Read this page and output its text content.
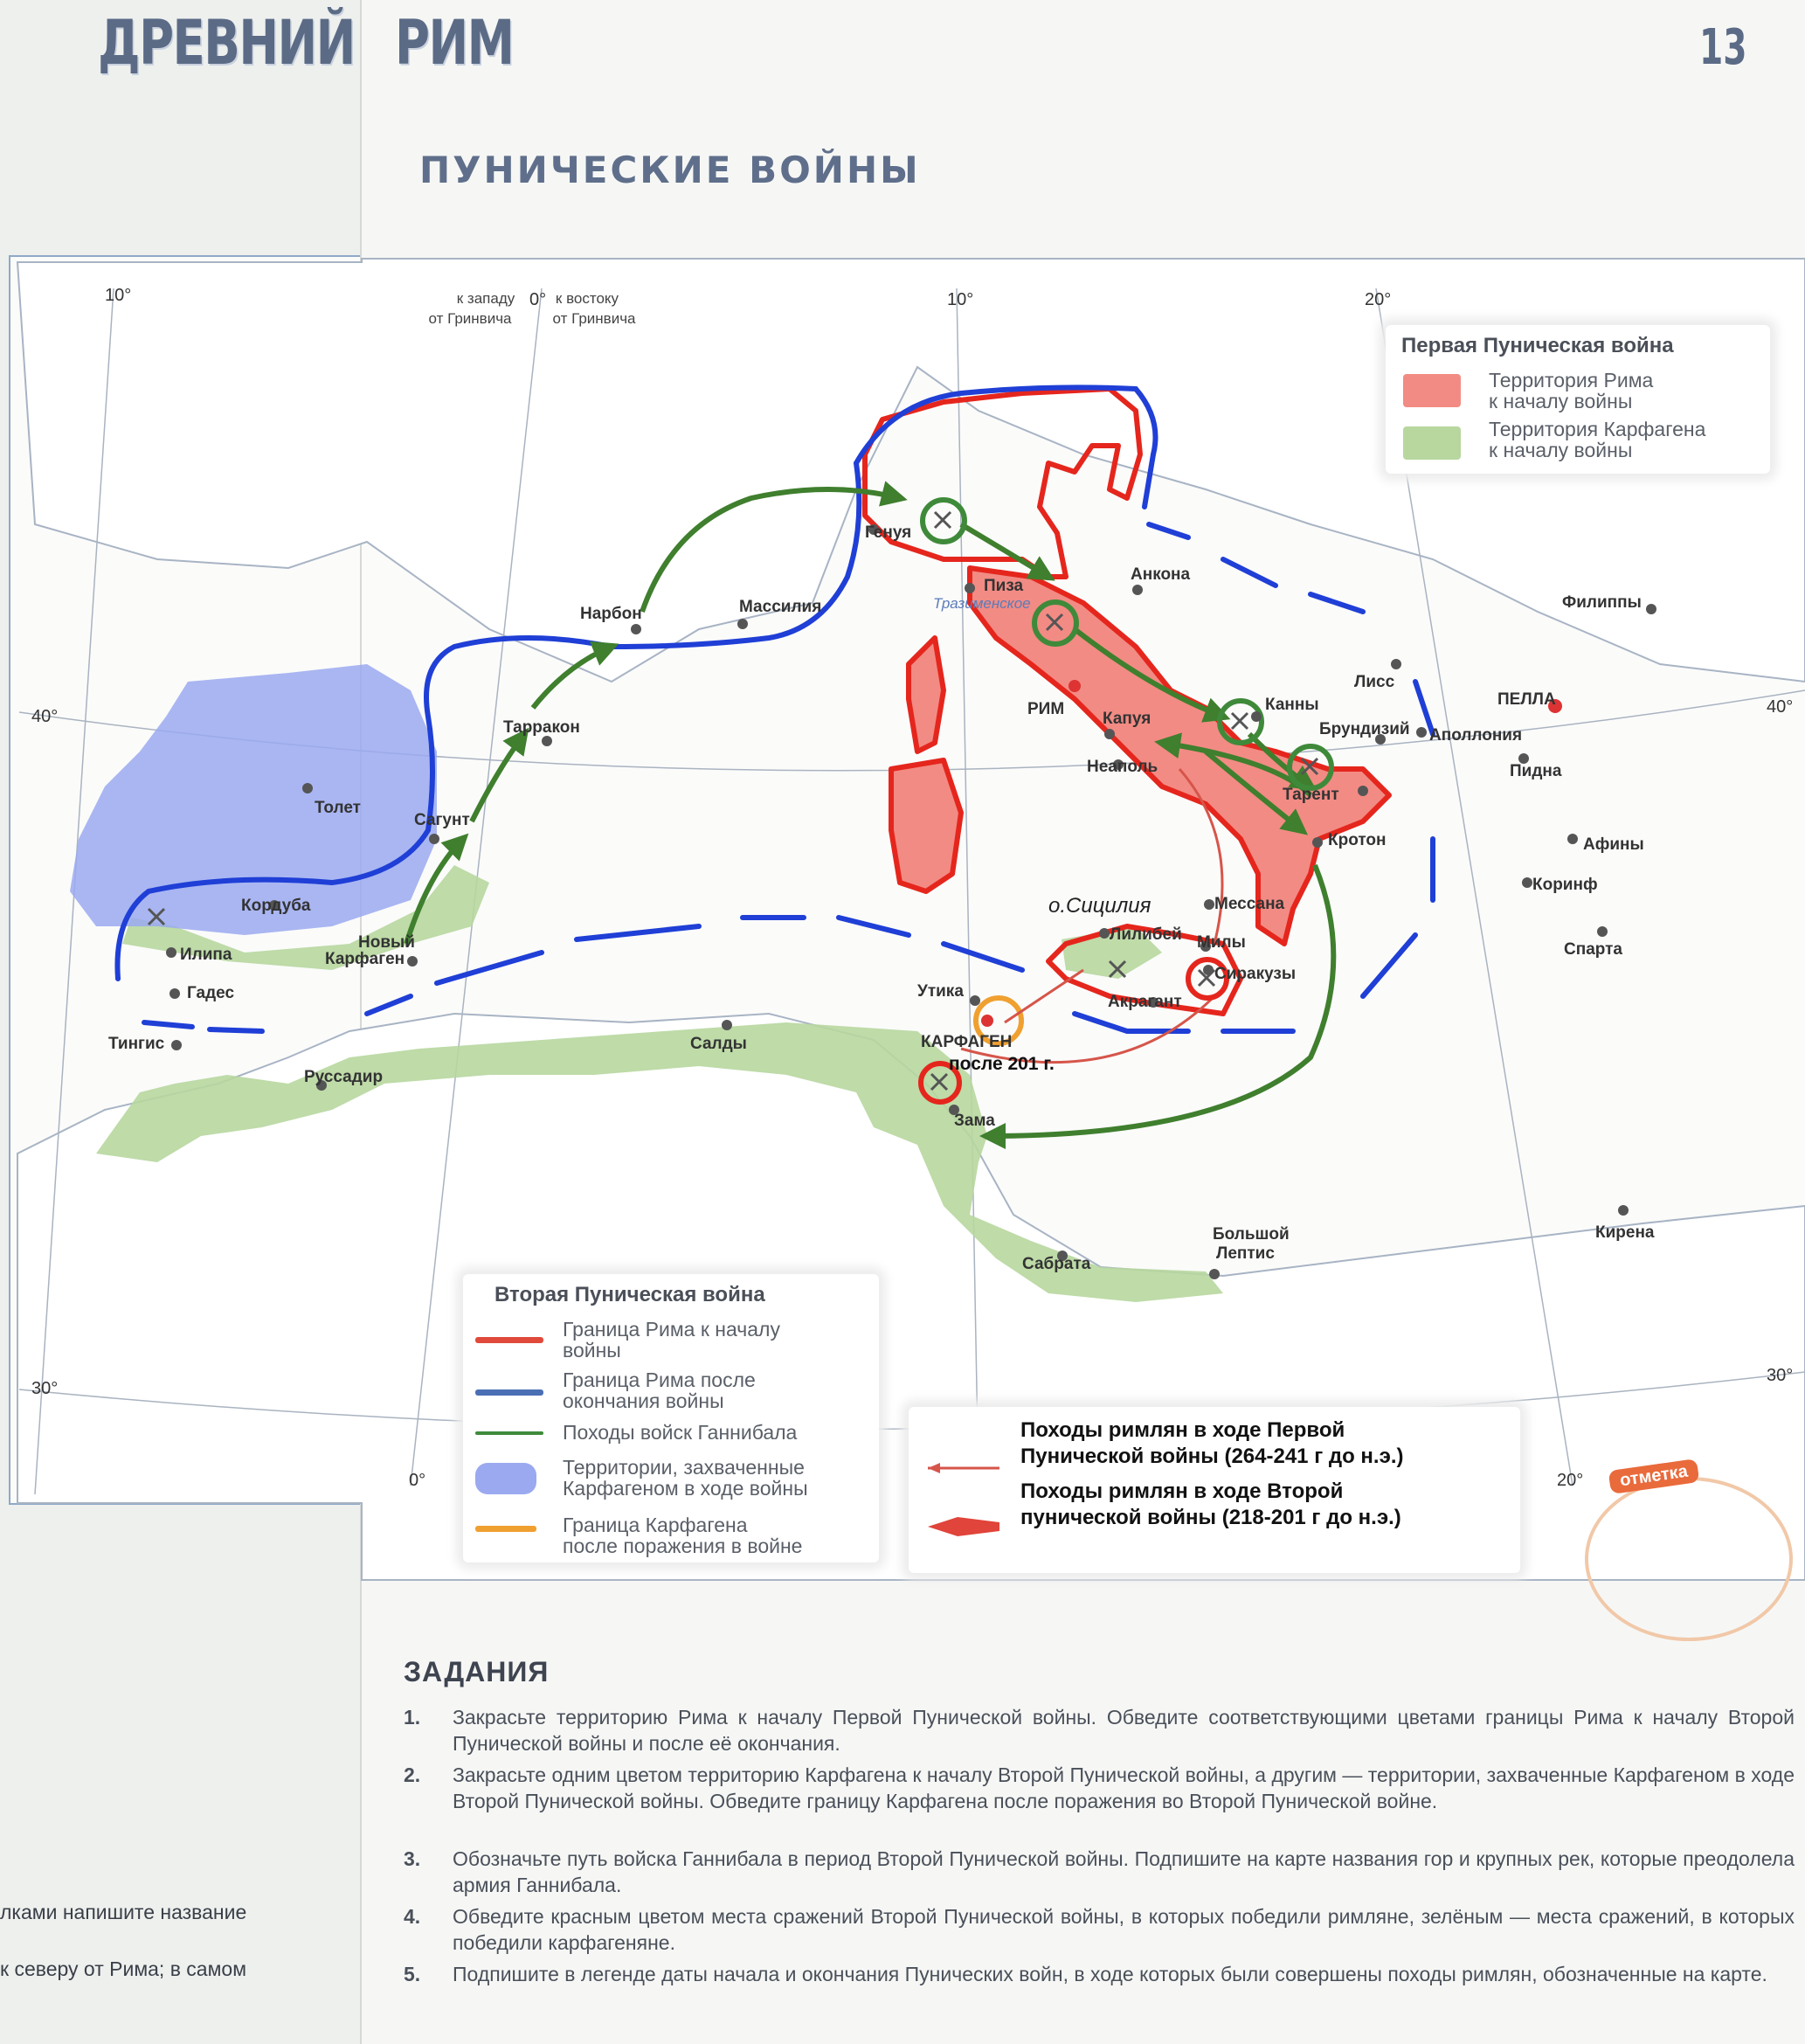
лками напишите название
к северу от Рима; в самом
ДРЕВНИЙ РИМ	13
ПУНИЧЕСКИЕ ВОЙНЫ
10°
40°
30°
0°	10°	20°
40°
30°
20°
0°
к западу
от Гринвича
к востоку
от Гринвича
Толет
Кордуба
Илипа
Гадес
Тингис
Руссадир
Сагунт
Новый
Карфаген
Тарракон
Нарбон	Массилия
Генуя
Пиза
Анкона
РИМ
Капуя
Неаполь
Канны
Брундизий
Тарент
Кротон
Лисс
Аполлония
ПЕЛЛА
Пидна
Филиппы
Афины
Коринф
Спарта
Мессана
Лилибей Милы
Сиракузы
Акрагант
Утика
КАРФАГЕН
Зама
Салды
Сабрата
Большой
Лептис
Кирена
Тразименское
о.Сицилия
после 201 г.
Первая Пуническая война
Территория Рима
к началу войны
Территория Карфагена
к началу войны
Вторая Пуническая война
Граница Рима к началу
войны
Граница Рима после
окончания войны
Походы войск Ганнибала
Территории, захваченные
Карфагеном в ходе войны
Граница Карфагена
после поражения в войне
Походы римлян в ходе Первой
Пунической войны (264-241 г до н.э.)
Походы римлян в ходе Второй
пунической войны (218-201 г до н.э.)
отметка
ЗАДАНИЯ
1.	Закрасьте территорию Рима к началу Первой Пунической войны. Обведите соответствующими цветами границы Рима к началу Второй Пунической войны и после её окончания.
2.	Закрасьте одним цветом территорию Карфагена к началу Второй Пунической войны, а другим — территории, захваченные Карфагеном в ходе Второй Пунической войны. Обведите границу Карфагена после поражения во Второй Пунической войне.
3.	Обозначьте путь войска Ганнибала в период Второй Пунической войны. Подпишите на карте названия гор и крупных рек, которые преодолела армия Ганнибала.
4.	Обведите красным цветом места сражений Второй Пунической войны, в которых победили римляне, зелёным — места сражений, в которых победили карфагеняне.
5.	Подпишите в легенде даты начала и окончания Пунических войн, в ходе которых были совершены походы римлян, обозначенные на карте.
